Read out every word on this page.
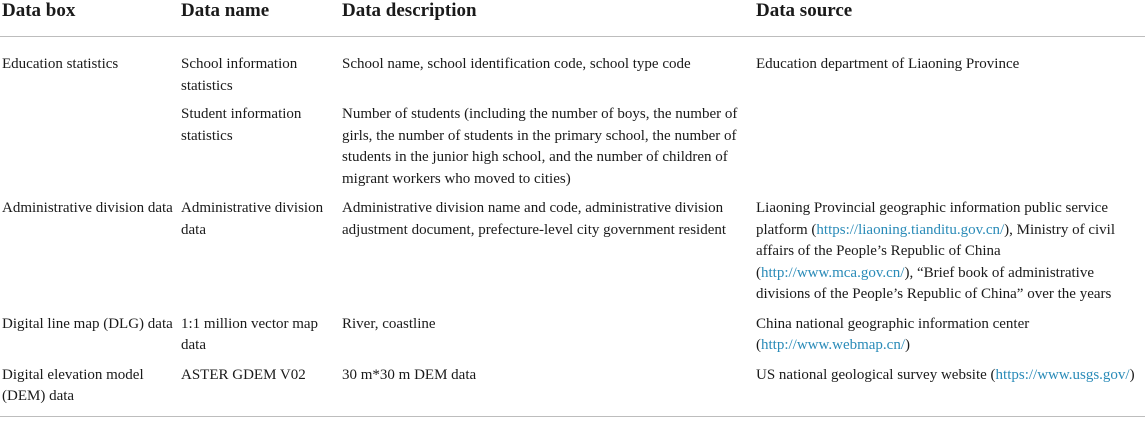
Data box	Data name	Data description	Data source
Education statistics	School information statistics	School name, school identification code, school type code	Education department of Liaoning Province
	Student information statistics	Number of students (including the number of boys, the number of girls, the number of students in the primary school, the number of students in the junior high school, and the number of children of migrant workers who moved to cities)	
Administrative division data	Administrative division data	Administrative division name and code, administrative division adjustment document, prefecture-level city government resident	Liaoning Provincial geographic information public service platform (https://liaoning.tianditu.gov.cn/), Ministry of civil affairs of the People’s Republic of China (http://www.mca.gov.cn/), “Brief book of administrative divisions of the People’s Republic of China” over the years
Digital line map (DLG) data	1:1 million vector map data	River, coastline	China national geographic information center (http://www.webmap.cn/)
Digital elevation model (DEM) data	ASTER GDEM V02	30 m*30 m DEM data	US national geological survey website (https://www.usgs.gov/)
